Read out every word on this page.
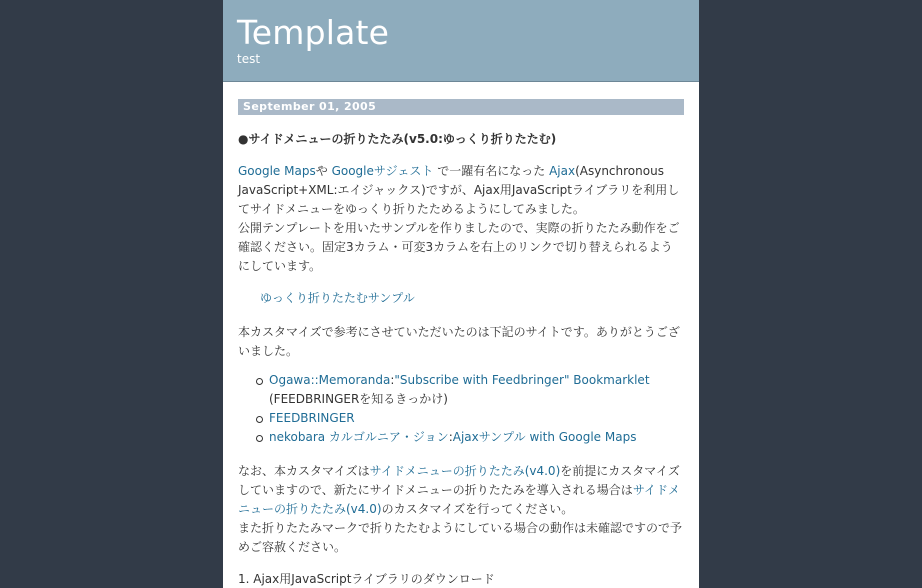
Template
test
September 01, 2005
●サイドメニューの折りたたみ(v5.0:ゆっくり折りたたむ)

Google Mapsや Googleサジェスト で一躍有名になった Ajax(Asynchronous JavaScript+XML:エイジャックス)ですが、Ajax用JavaScriptライブラリを利用してサイドメニューをゆっくり折りたためるようにしてみました。
公開テンプレートを用いたサンプルを作りましたので、実際の折りたたみ動作をご確認ください。固定3カラム・可変3カラムを右上のリンクで切り替えられるようにしています。

ゆっくり折りたたむサンプル

本カスタマイズで参考にさせていただいたのは下記のサイトです。ありがとうございました。

Ogawa::Memoranda:"Subscribe with Feedbringer" Bookmarklet
(FEEDBRINGERを知るきっかけ)
FEEDBRINGER
nekobara カルゴルニア・ジョン:Ajaxサンプル with Google Maps

なお、本カスタマイズはサイドメニューの折りたたみ(v4.0)を前提にカスタマイズしていますので、新たにサイドメニューの折りたたみを導入される場合はサイドメニューの折りたたみ(v4.0)のカスタマイズを行ってください。
また折りたたみマークで折りたたむようにしている場合の動作は未確認ですので予めご容赦ください。

1. Ajax用JavaScriptライブラリのダウンロード
